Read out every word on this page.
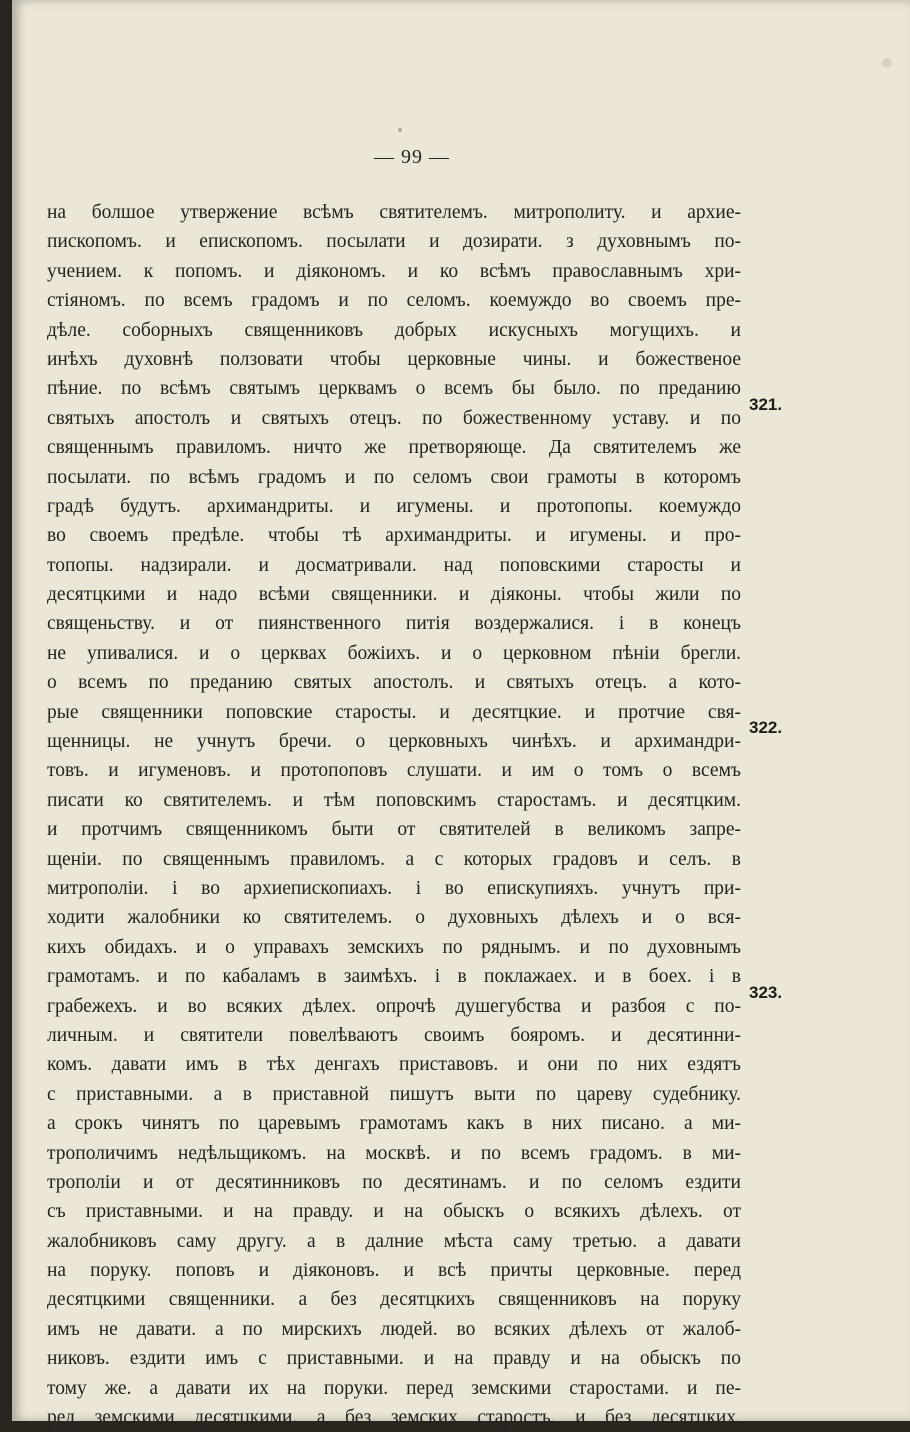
— 99 —
на болшое утвержение всѣмъ святителемъ. митрополиту. и архие-
пископомъ. и епископомъ. посылати и дозирати. з духовнымъ по-
учением. к попомъ. и діякономъ. и ко всѣмъ православнымъ хри-
стіяномъ. по всемъ градомъ и по селомъ. коемуждо во своемъ пре-
дѣле. соборныхъ священниковъ добрых искусныхъ могущихъ. и
инѣхъ духовнѣ ползовати чтобы церковные чины. и божественое
пѣние. по всѣмъ святымъ церквамъ о всемъ бы было. по преданию
святыхъ апостолъ и святыхъ отецъ. по божественному уставу. и по
священнымъ правиломъ. ничто же претворяюще. Да святителемъ же
посылати. по всѣмъ градомъ и по селомъ свои грамоты в которомъ
градѣ будутъ. архимандриты. и игумены. и протопопы. коемуждо
во своемъ предѣле. чтобы тѣ архимандриты. и игумены. и про-
топопы. надзирали. и досматривали. над поповскими старосты и
десятцкими и надо всѣми священники. и діяконы. чтобы жили по
священьству. и от пиянственного питія воздержалися. і в конецъ
не упивалися. и о церквах божіихъ. и о церковном пѣніи брегли.
о всемъ по преданию святых апостолъ. и святыхъ отецъ. а кото-
рые священники поповские старосты. и десятцкие. и протчие свя-
щенницы. не учнутъ бречи. о церковныхъ чинѣхъ. и архимандри-
товъ. и игуменовъ. и протопоповъ слушати. и им о томъ о всемъ
писати ко святителемъ. и тѣм поповскимъ старостамъ. и десятцким.
и протчимъ священникомъ быти от святителей в великомъ запре-
щеніи. по священнымъ правиломъ. а с которых градовъ и селъ. в
митрополіи. і во архиепископиахъ. і во епискупияхъ. учнутъ при-
ходити жалобники ко святителемъ. о духовныхъ дѣлехъ и о вся-
кихъ обидахъ. и о управахъ земскихъ по ряднымъ. и по духовнымъ
грамотамъ. и по кабаламъ в заимѣхъ. і в поклажаех. и в боех. і в
грабежехъ. и во всяких дѣлех. опрочѣ душегубства и разбоя с по-
личным. и святители повелѣваютъ своимъ бояромъ. и десятинни-
комъ. давати имъ в тѣх денгахъ приставовъ. и они по них ездятъ
с приставными. а в приставной пишутъ выти по цареву судебнику.
а срокъ чинятъ по царевымъ грамотамъ какъ в них писано. а ми-
трополичимъ недѣльщикомъ. на москвѣ. и по всемъ градомъ. в ми-
трополіи и от десятинниковъ по десятинамъ. и по селомъ ездити
съ приставными. и на правду. и на обыскъ о всякихъ дѣлехъ. от
жалобниковъ саму другу. а в далние мѣста саму третью. а давати
на поруку. поповъ и діяконовъ. и всѣ причты церковные. перед
десятцкими священники. а без десятцкихъ священниковъ на поруку
имъ не давати. а по мирскихъ людей. во всяких дѣлехъ от жалоб-
никовъ. ездити имъ с приставными. и на правду и на обыскъ по
тому же. а давати их на поруки. перед земскими старостами. и пе-
ред земскими десятцкими. а без земских старостъ. и без десятцких.
321.
322.
323.
